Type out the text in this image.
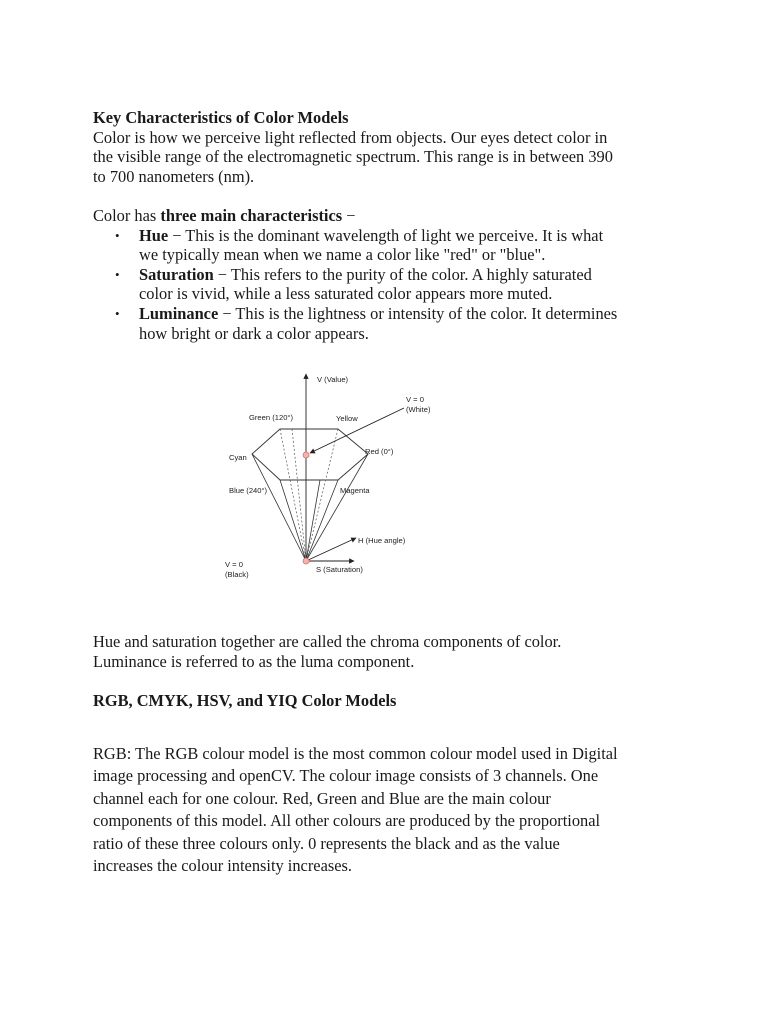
Key Characteristics of Color Models
Color is how we perceive light reflected from objects. Our eyes detect color in
the visible range of the electromagnetic spectrum. This range is in between 390
to 700 nanometers (nm).
Color has three main characteristics −
• Hue − This is the dominant wavelength of light we perceive. It is what
we typically mean when we name a color like "red" or "blue".
• Saturation − This refers to the purity of the color. A highly saturated
color is vivid, while a less saturated color appears more muted.
• Luminance − This is the lightness or intensity of the color. It determines
how bright or dark a color appears.
V (Value)
V = 0
(White)
Green (120°)	Yellow
Cyan
Red (0°)
Blue (240°)	Magenta
H (Hue angle)
V = 0
(Black)
S (Saturation)
Hue and saturation together are called the chroma components of color.
Luminance is referred to as the luma component.
RGB, CMYK, HSV, and YIQ Color Models
RGB: The RGB colour model is the most common colour model used in Digital
image processing and openCV. The colour image consists of 3 channels. One
channel each for one colour. Red, Green and Blue are the main colour
components of this model. All other colours are produced by the proportional
ratio of these three colours only. 0 represents the black and as the value
increases the colour intensity increases.
